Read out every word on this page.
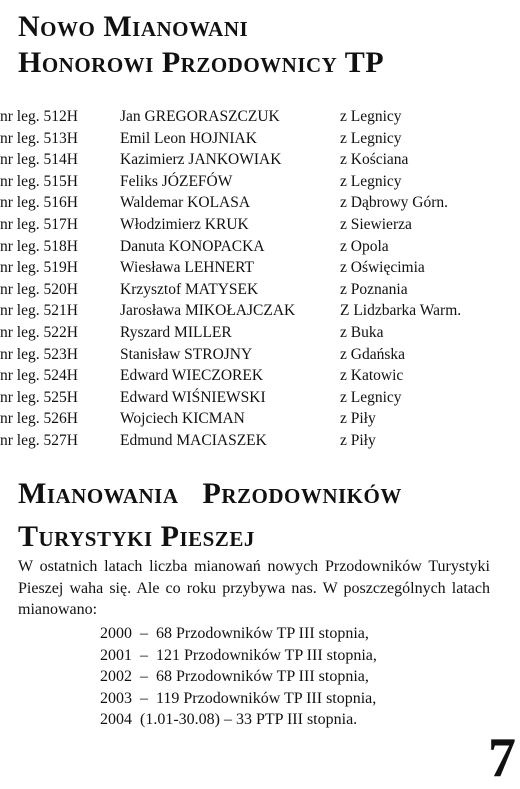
Nowo Mianowani
Honorowi Przodownicy TP
nr leg. 512H	Jan GREGORASZCZUK	z Legnicy
nr leg. 513H	Emil Leon HOJNIAK	z Legnicy
nr leg. 514H	Kazimierz JANKOWIAK	z Kościana
nr leg. 515H	Feliks JÓZEFÓW	z Legnicy
nr leg. 516H	Waldemar KOLASA	z Dąbrowy Górn.
nr leg. 517H	Włodzimierz KRUK	z Siewierza
nr leg. 518H	Danuta KONOPACKA	z Opola
nr leg. 519H	Wiesława LEHNERT	z Oświęcimia
nr leg. 520H	Krzysztof MATYSEK	z Poznania
nr leg. 521H	Jarosława MIKOŁAJCZAK	Z Lidzbarka Warm.
nr leg. 522H	Ryszard MILLER	z Buka
nr leg. 523H	Stanisław STROJNY	z Gdańska
nr leg. 524H	Edward WIECZOREK	z Katowic
nr leg. 525H	Edward WIŚNIEWSKI	z Legnicy
nr leg. 526H	Wojciech KICMAN	z Piły
nr leg. 527H	Edmund MACIASZEK	z Piły
Mianowania   Przodowników
Turystyki Pieszej

W ostatnich latach liczba mianowań nowych Przodowników Turystyki Pieszej waha się. Ale co roku przybywa nas. W poszczególnych latach mianowano:

2000  –  68 Przodowników TP III stopnia,
2001  –  121 Przodowników TP III stopnia,
2002  –  68 Przodowników TP III stopnia,
2003  –  119 Przodowników TP III stopnia,
2004  (1.01-30.08) – 33 PTP III stopnia.
7
